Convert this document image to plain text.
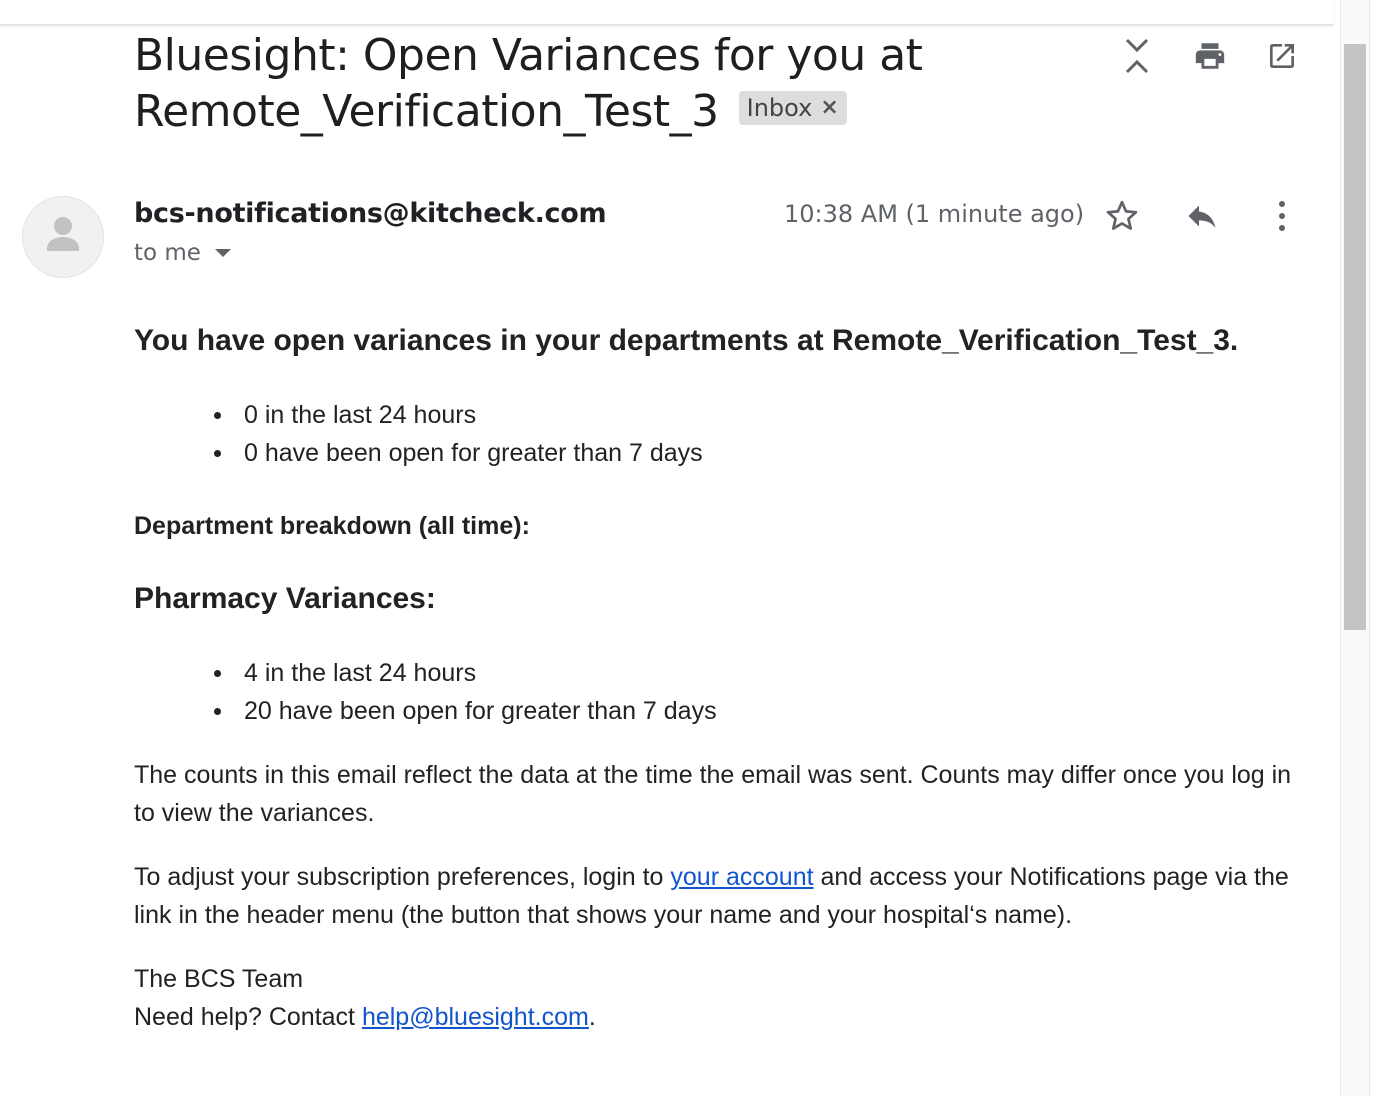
Bluesight: Open Variances for you at
Remote_Verification_Test_3 Inbox ×
bcs-notifications@kitcheck.com
to me
10:38 AM (1 minute ago)
You have open variances in your departments at Remote_Verification_Test_3.
0 in the last 24 hours
0 have been open for greater than 7 days
Department breakdown (all time):
Pharmacy Variances:
4 in the last 24 hours
20 have been open for greater than 7 days

The counts in this email reflect the data at the time the email was sent. Counts may differ once you log in to view the variances.

To adjust your subscription preferences, login to your account and access your Notifications page via the link in the header menu (the button that shows your name and your hospital‘s name).

The BCS Team
Need help? Contact help@bluesight.com.
